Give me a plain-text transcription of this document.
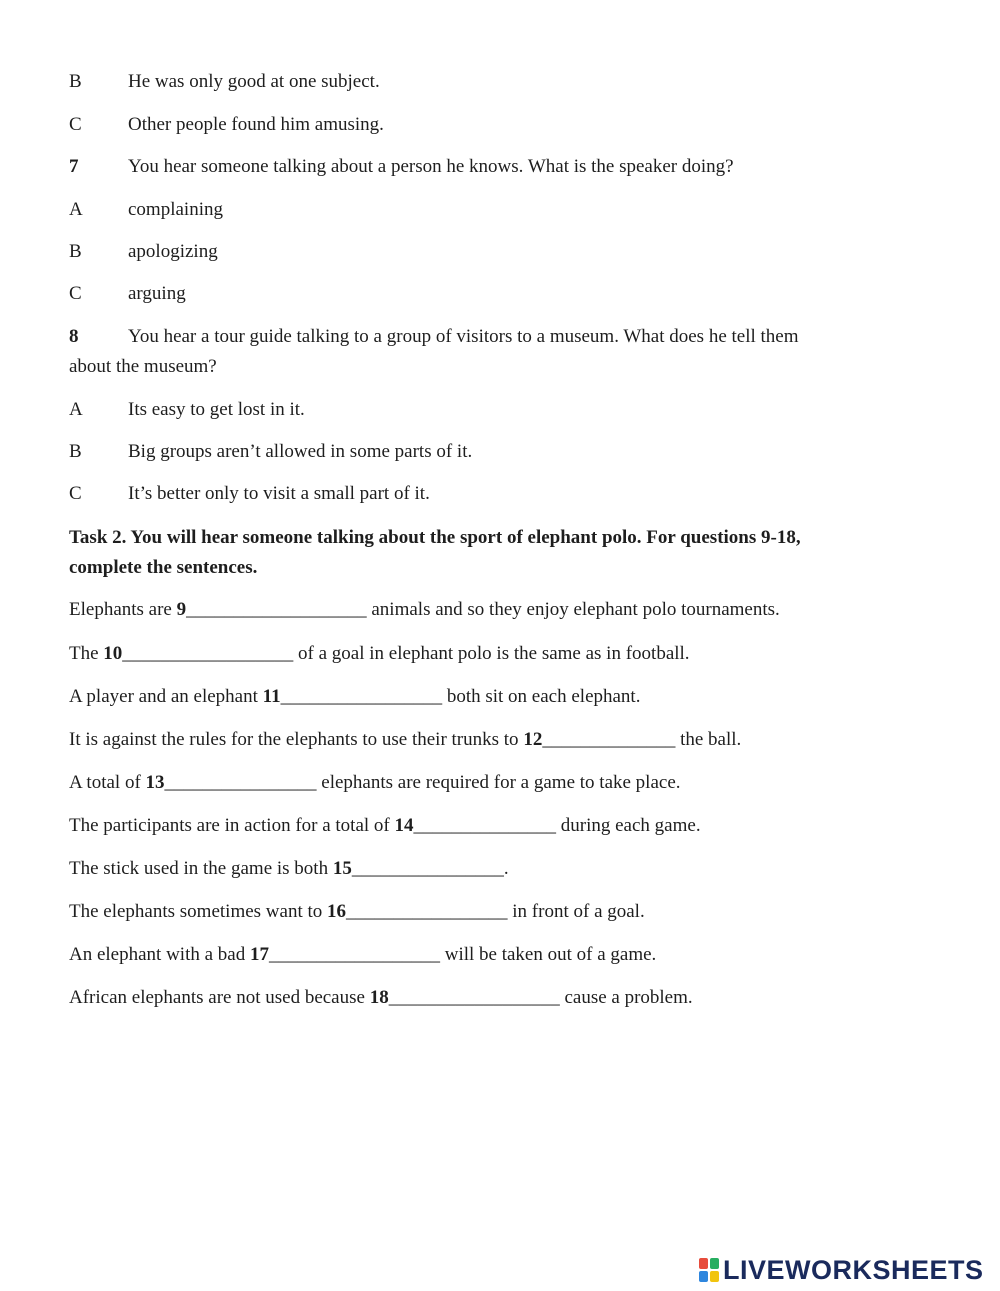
B He was only good at one subject.
C Other people found him amusing.
7	You hear someone talking about a person he knows. What is the speaker doing?
A complaining
B apologizing
C arguing
8	You hear a tour guide talking to a group of visitors to a museum. What does he tell them
about the museum?
A Its easy to get lost in it.
B Big groups aren’t allowed in some parts of it.
C It’s better only to visit a small part of it.
Task 2. You will hear someone talking about the sport of elephant polo. For questions 9-18,
complete the sentences.
Elephants are 9___________________ animals and so they enjoy elephant polo tournaments.
The 10__________________ of a goal in elephant polo is the same as in football.
A player and an elephant 11_________________ both sit on each elephant.
It is against the rules for the elephants to use their trunks to 12______________ the ball.
A total of 13________________ elephants are required for a game to take place.
The participants are in action for a total of 14_______________ during each game.
The stick used in the game is both 15________________.
The elephants sometimes want to 16_________________ in front of a goal.
An elephant with a bad 17__________________ will be taken out of a game.
African elephants are not used because 18__________________ cause a problem.
LIVEWORKSHEETS
